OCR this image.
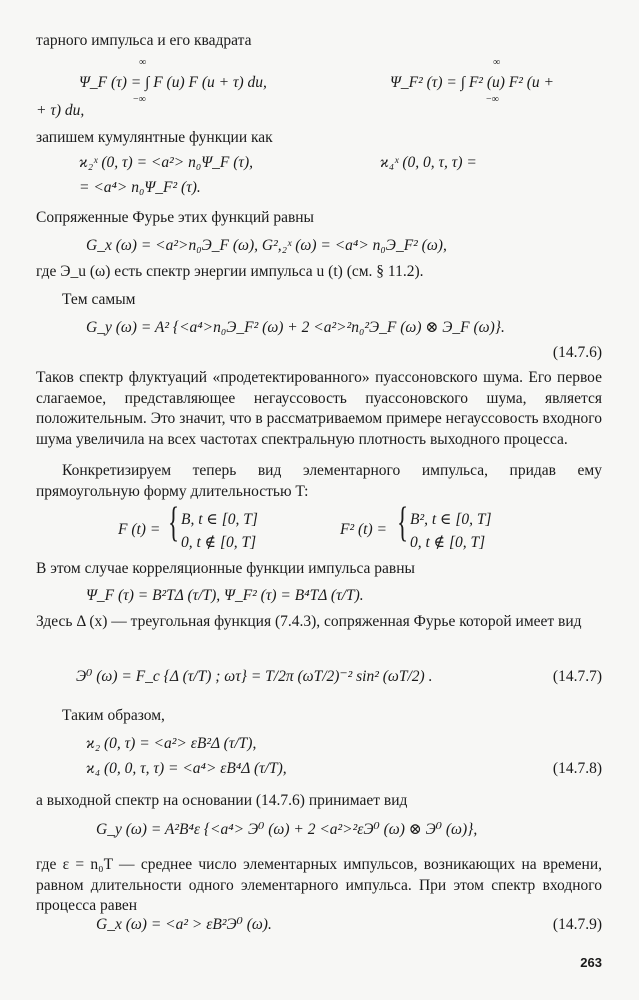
тарного импульса и его квадрата
∞
−∞
Ψ_F (τ) = ∫ F (u) F (u + τ) du,
∞
−∞
Ψ_F² (τ) = ∫ F² (u) F² (u +
+ τ) du,
запишем кумулянтные функции как
ϰ₂ˣ (0, τ) = <a²> n₀Ψ_F (τ),	ϰ₄ˣ (0, 0, τ, τ) =
= <a⁴> n₀Ψ_F² (τ).
Сопряженные Фурье этих функций равны
G_x (ω) = <a²>n₀Э_F (ω), G²,₂ˣ (ω) = <a⁴> n₀Э_F² (ω),
где Э_u (ω) есть спектр энергии импульса u (t) (см. § 11.2).
Тем самым
G_y (ω) = A² {<a⁴>n₀Э_F² (ω) + 2 <a²>²n₀²Э_F (ω) ⊗ Э_F (ω)}.
(14.7.6)
Таков спектр флуктуаций «продетектированного» пуассоновского шума. Его первое слагаемое, представляющее негауссовость пуассоновского шума, является положительным. Это значит, что в рассматриваемом примере негауссовость входного шума увеличила на всех частотах спектральную плотность выходного процесса.
Конкретизируем теперь вид элементарного импульса, придав ему прямоугольную форму длительностью T:
F (t) = { B, t ∈ [0, T]
0, t ∉ [0, T]
F² (t) = { B², t ∈ [0, T]
0, t ∉ [0, T]
В этом случае корреляционные функции импульса равны
Ψ_F (τ) = B²TΔ (τ/T), Ψ_F² (τ) = B⁴TΔ (τ/T).
Здесь Δ (x) — треугольная функция (7.4.3), сопряженная Фурье которой имеет вид
Э⁰ (ω) = F_c {Δ (τ/T) ; ωτ} = T/2π (ωT/2)⁻² sin² (ωT/2) .	(14.7.7)
Таким образом,
ϰ₂ (0, τ) = <a²> εB²Δ (τ/T),
ϰ₄ (0, 0, τ, τ) = <a⁴> εB⁴Δ (τ/T),	(14.7.8)
а выходной спектр на основании (14.7.6) принимает вид
G_y (ω) = A²B⁴ε {<a⁴> Э⁰ (ω) + 2 <a²>²εЭ⁰ (ω) ⊗ Э⁰ (ω)},
где ε = n₀T — среднее число элементарных импульсов, возникающих на времени, равном длительности одного элементарного импульса. При этом спектр входного процесса равен
G_x (ω) = <a² > εB²Э⁰ (ω).	(14.7.9)
263
